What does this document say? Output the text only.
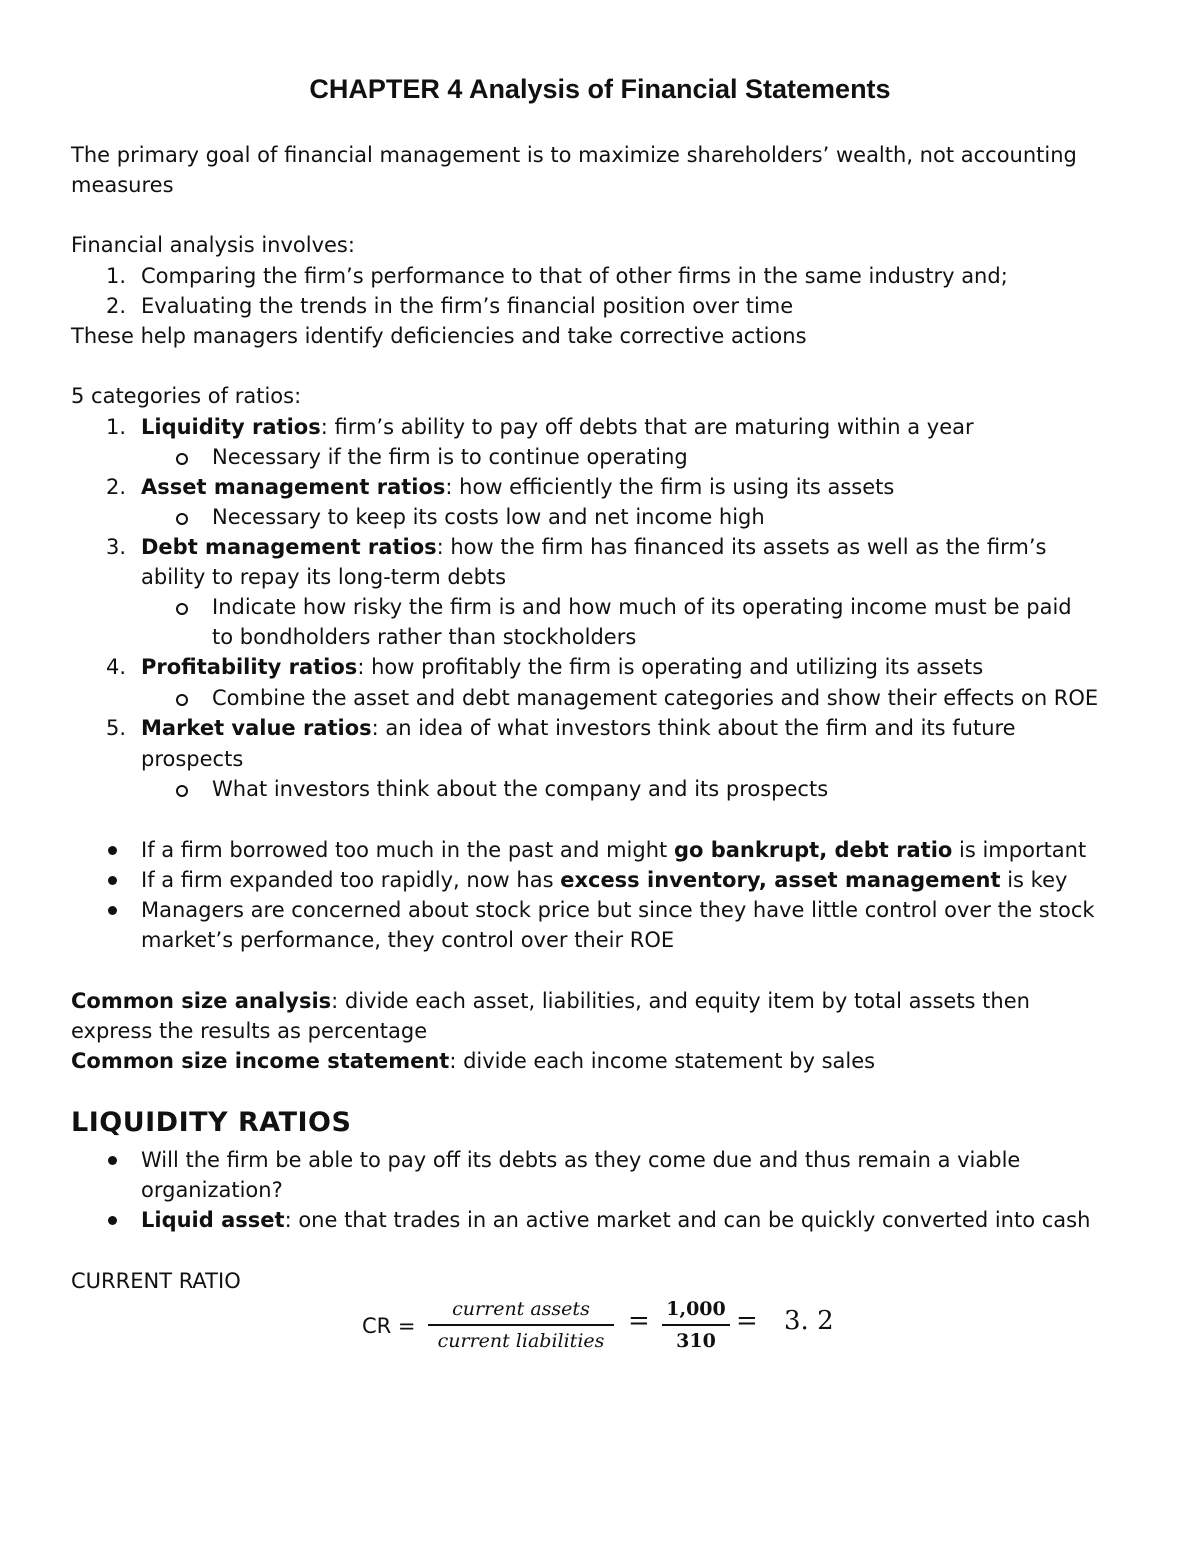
CHAPTER 4 Analysis of Financial Statements
The primary goal of financial management is to maximize shareholders’ wealth, not accounting
measures
Financial analysis involves:
1. Comparing the firm’s performance to that of other firms in the same industry and;
2. Evaluating the trends in the firm’s financial position over time
These help managers identify deficiencies and take corrective actions
5 categories of ratios:
1. Liquidity ratios: firm’s ability to pay off debts that are maturing within a year
Necessary if the firm is to continue operating
2. Asset management ratios: how efficiently the firm is using its assets
Necessary to keep its costs low and net income high
3. Debt management ratios: how the firm has financed its assets as well as the firm’s
ability to repay its long-term debts
Indicate how risky the firm is and how much of its operating income must be paid
to bondholders rather than stockholders
4. Profitability ratios: how profitably the firm is operating and utilizing its assets
Combine the asset and debt management categories and show their effects on ROE
5. Market value ratios: an idea of what investors think about the firm and its future
prospects
What investors think about the company and its prospects
If a firm borrowed too much in the past and might go bankrupt, debt ratio is important
If a firm expanded too rapidly, now has excess inventory, asset management is key
Managers are concerned about stock price but since they have little control over the stock
market’s performance, they control over their ROE
Common size analysis: divide each asset, liabilities, and equity item by total assets then
express the results as percentage
Common size income statement: divide each income statement by sales
LIQUIDITY RATIOS
Will the firm be able to pay off its debts as they come due and thus remain a viable
organization?
Liquid asset: one that trades in an active market and can be quickly converted into cash
CURRENT RATIO
CR =
current assets
current liabilities
= 1,000
310
= 3. 2
